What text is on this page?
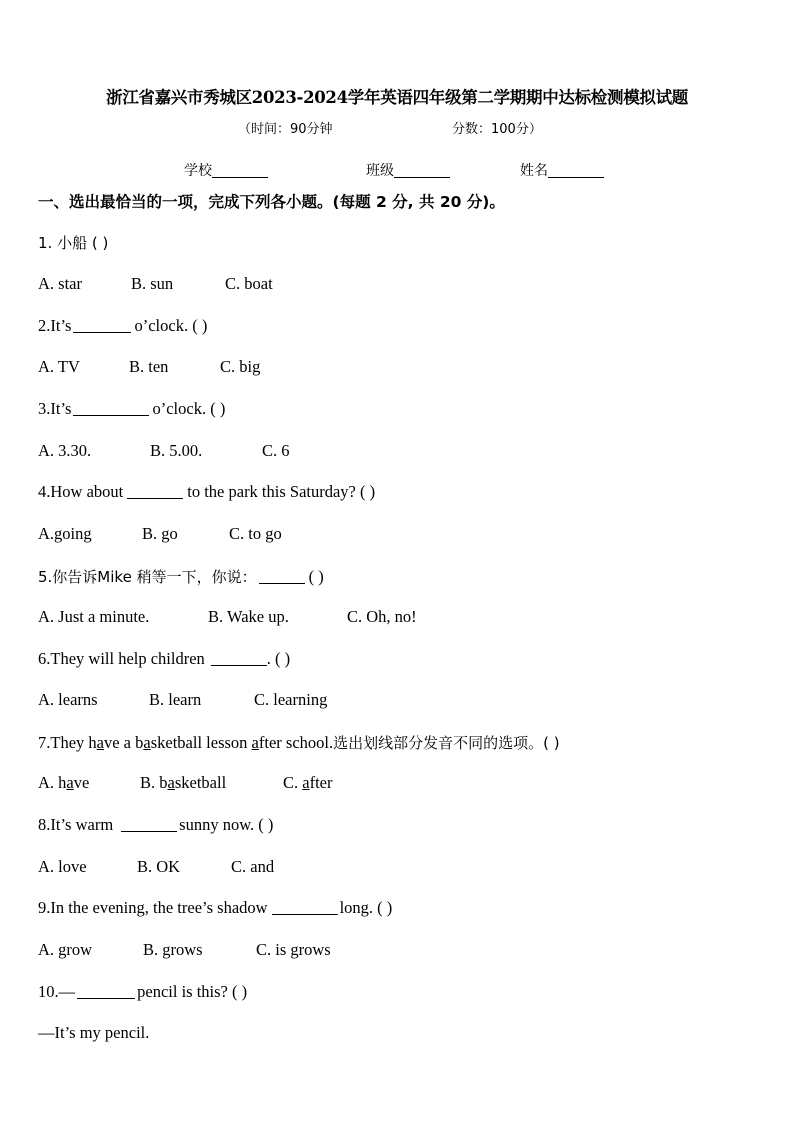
浙江省嘉兴市秀城区2023-2024学年英语四年级第二学期期中达标检测模拟试题
（时间：90分钟	分数：100分）
学校	班级	姓名
一、选出最恰当的一项，完成下列各小题。(每题 2 分, 共 20 分)。
1. 小船 ( )
A. star	B. sun	C. boat
2.It’s	o’clock. ( )
A. TV	B. ten	C. big
3.It’s	o’clock. ( )
A. 3.30.	B. 5.00.	C. 6
4.How about	to the park this Saturday? ( )
A.going	B. go	C. to go
5.你告诉Mike 稍等一下，你说：	( )
A. Just a minute.	B. Wake up.	C. Oh, no!
6.They will help children	. ( )
A. learns	B. learn	C. learning
7.They have a basketball lesson after school.选出划线部分发音不同的选项。( )
A. have	B. basketball	C. after
8.It’s warm	sunny now. ( )
A. love	B. OK	C. and
9.In the evening, the tree’s shadow	long. ( )
A. grow	B. grows	C. is grows
10.—	pencil is this? ( )
—It’s my pencil.
